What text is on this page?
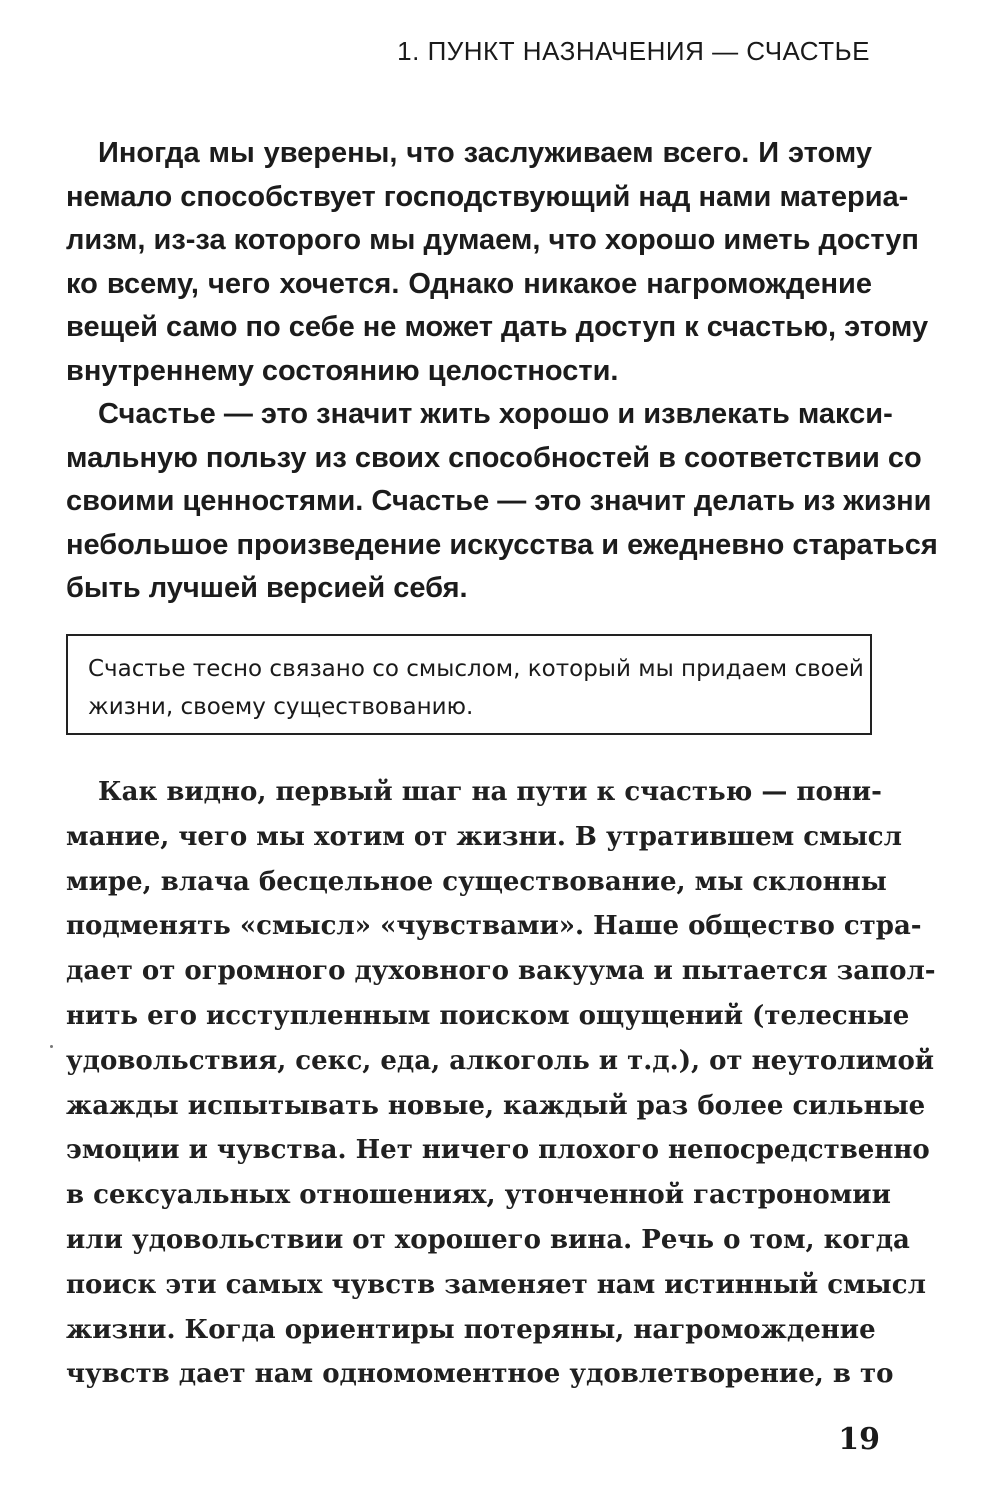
1. ПУНКТ НАЗНАЧЕНИЯ — СЧАСТЬЕ
Иногда мы уверены, что заслуживаем всего. И этому
немало способствует господствующий над нами материа-
лизм, из-за которого мы думаем, что хорошо иметь доступ
ко всему, чего хочется. Однако никакое нагромождение
вещей само по себе не может дать доступ к счастью, этому
внутреннему состоянию целостности.
Счастье — это значит жить хорошо и извлекать макси-
мальную пользу из своих способностей в соответствии со
своими ценностями. Счастье — это значит делать из жизни
небольшое произведение искусства и ежедневно стараться
быть лучшей версией себя.
Счастье тесно связано со смыслом, который мы придаем своей
жизни, своему существованию.
Как видно, первый шаг на пути к счастью — пони-
мание, чего мы хотим от жизни. В утратившем смысл
мире, влача бесцельное существование, мы склонны
подменять «смысл» «чувствами». Наше общество стра-
дает от огромного духовного вакуума и пытается запол-
нить его исступленным поиском ощущений (телесные
удовольствия, секс, еда, алкоголь и т.д.), от неутолимой
жажды испытывать новые, каждый раз более сильные
эмоции и чувства. Нет ничего плохого непосредственно
в сексуальных отношениях, утонченной гастрономии
или удовольствии от хорошего вина. Речь о том, когда
поиск эти самых чувств заменяет нам истинный смысл
жизни. Когда ориентиры потеряны, нагромождение
чувств дает нам одномоментное удовлетворение, в то
19
